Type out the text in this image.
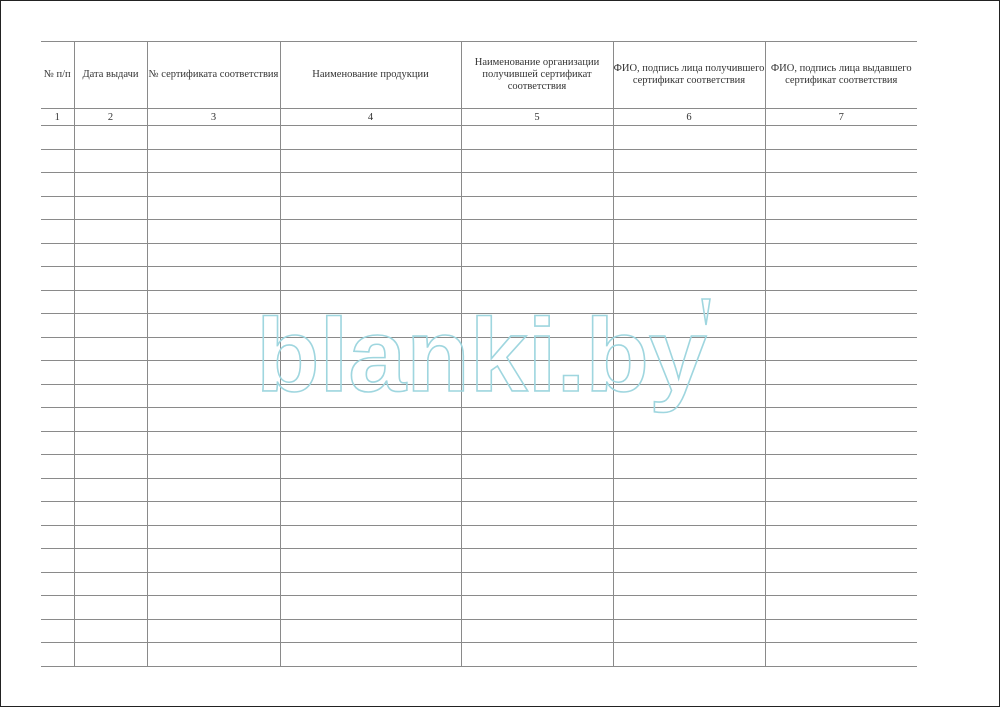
№ п/п	Дата выдачи	№ сертификата соответствия	Наименование продукции	Наименование организации получившей сертификат соответствия	ФИО, подпись лица получившего сертификат соответствия	ФИО, подпись лица выдавшего сертификат соответствия
1	2	3	4	5	6	7

blanki.by
